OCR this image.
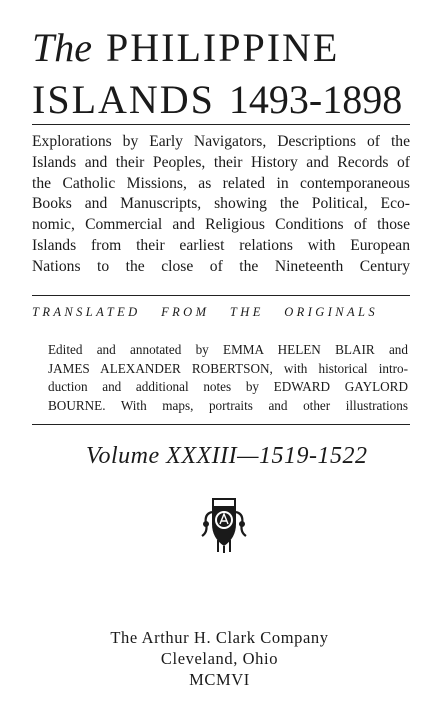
The PHILIPPINE
ISLANDS 1493-1898
Explorations by Early Navigators, Descriptions of the
Islands and their Peoples, their History and Records of
the Catholic Missions, as related in contemporaneous
Books and Manuscripts, showing the Political, Eco-
nomic, Commercial and Religious Conditions of those
Islands from their earliest relations with European
Nations to the close of the Nineteenth Century
TRANSLATED FROM THE ORIGINALS
Edited and annotated by EMMA HELEN BLAIR and
JAMES ALEXANDER ROBERTSON, with historical intro-
duction and additional notes by EDWARD GAYLORD
BOURNE. With maps, portraits and other illustrations
Volume XXXIII—1519-1522
The Arthur H. Clark Company
Cleveland, Ohio
MCMVI
